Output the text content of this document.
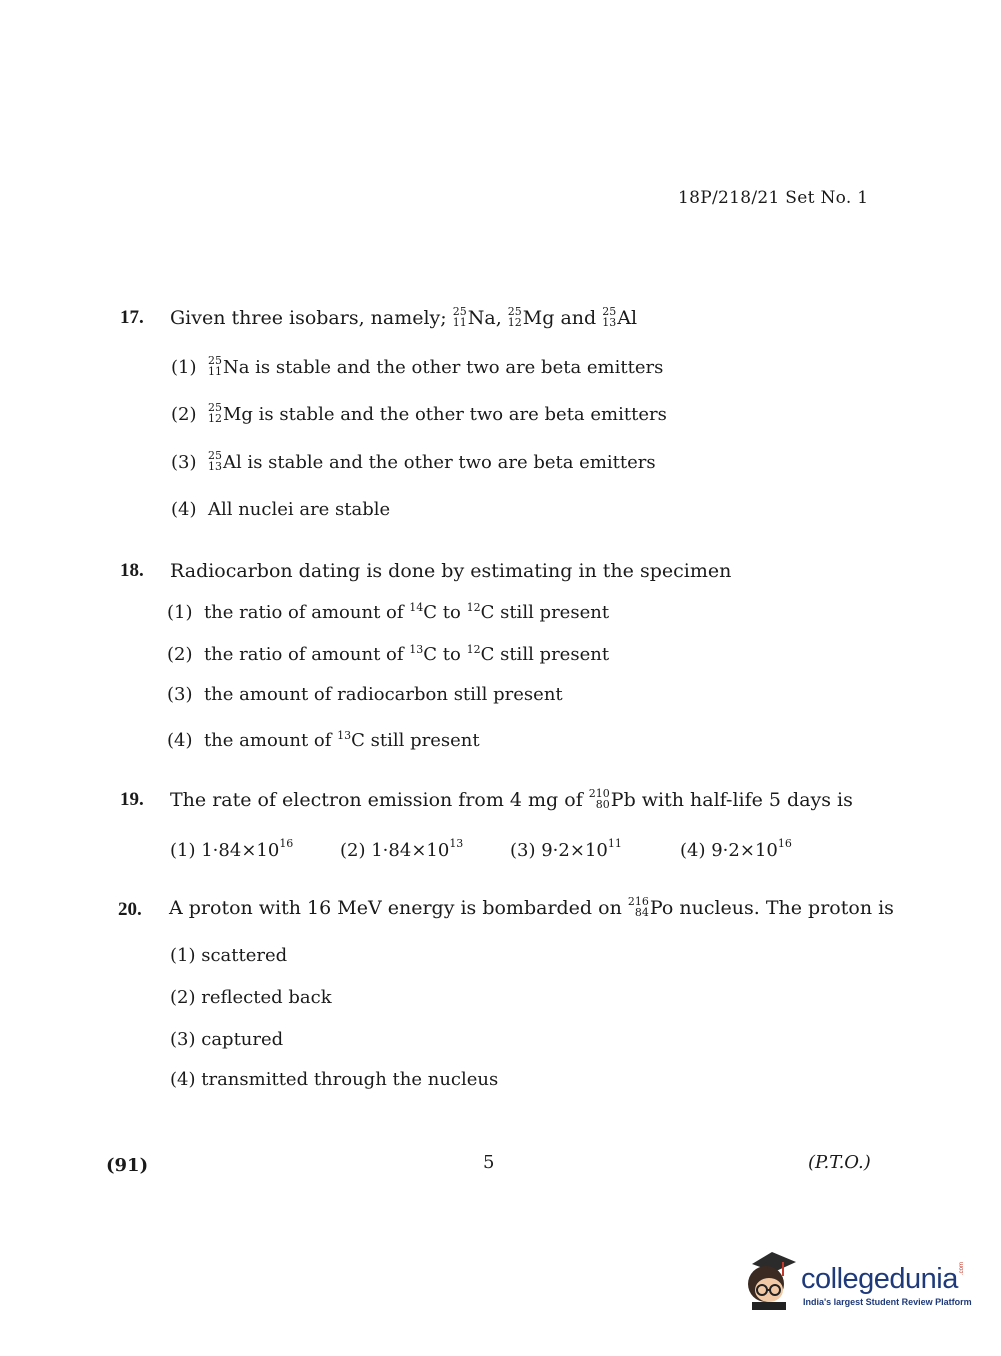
18P/218/21 Set No. 1
17. Given three isobars, namely; 25
11 Na, 25
12 Mg and 25
13 Al
(1) 25
11 Na is stable and the other two are beta emitters
(2) 25
12 Mg is stable and the other two are beta emitters
(3) 25
13 Al is stable and the other two are beta emitters
(4) All nuclei are stable
18. Radiocarbon dating is done by estimating in the specimen
(1) the ratio of amount of $^{14}$C to $^{12}$C still present
(2) the ratio of amount of $^{13}$C to $^{12}$C still present
(3) the amount of radiocarbon still present
(4) the amount of $^{13}$C still present
19. The rate of electron emission from 4 mg of 210
80 Pb with half-life 5 days is
(1) $1\cdot 84\times 10^{16}$	(2) $1\cdot 84\times 10^{13}$	(3) $9\cdot 2\times 10^{11}$	(4) $9\cdot 2\times 10^{16}$
20. A proton with 16 MeV energy is bombarded on 216
84 Po nucleus. The proton is
(1) scattered
(2) reflected back
(3) captured
(4) transmitted through the nucleus
(91)	5	(P.T.O.)
collegedunia .com
India's largest Student Review Platform
